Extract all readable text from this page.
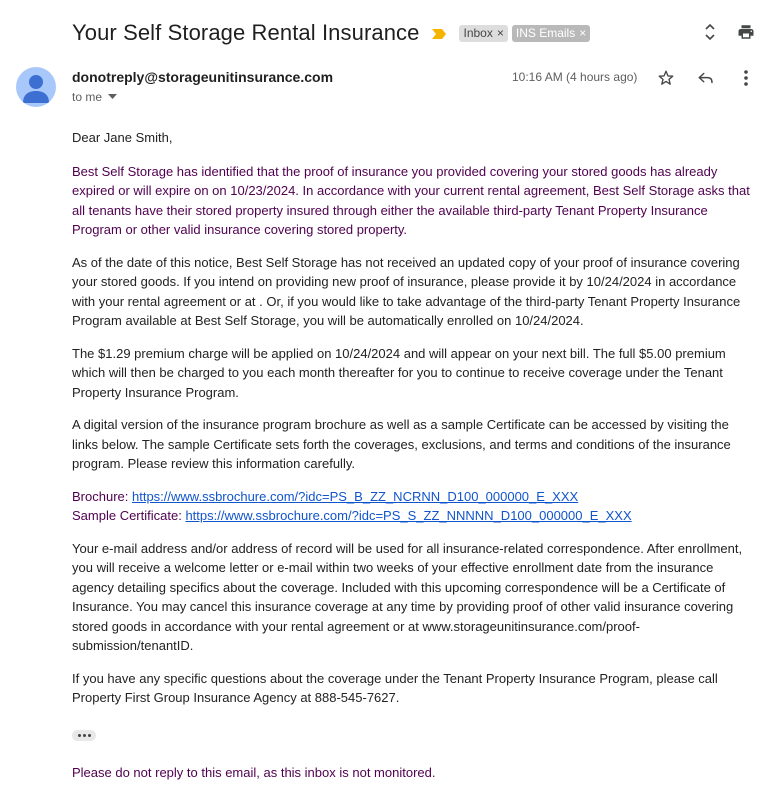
Your Self Storage Rental Insurance	Inbox × INS Emails ×
donotreply@storageunitinsurance.com
to me
10:16 AM (4 hours ago)

Dear Jane Smith,

Best Self Storage has identified that the proof of insurance you provided covering your stored goods has already expired or will expire on on 10/23/2024. In accordance with your current rental agreement, Best Self Storage asks that all tenants have their stored property insured through either the available third-party Tenant Property Insurance Program or other valid insurance covering stored property.

As of the date of this notice, Best Self Storage has not received an updated copy of your proof of insurance covering your stored goods. If you intend on providing new proof of insurance, please provide it by 10/24/2024 in accordance with your rental agreement or at . Or, if you would like to take advantage of the third-party Tenant Property Insurance Program available at Best Self Storage, you will be automatically enrolled on 10/24/2024.

The $1.29 premium charge will be applied on 10/24/2024 and will appear on your next bill. The full $5.00 premium which will then be charged to you each month thereafter for you to continue to receive coverage under the Tenant Property Insurance Program.

A digital version of the insurance program brochure as well as a sample Certificate can be accessed by visiting the links below. The sample Certificate sets forth the coverages, exclusions, and terms and conditions of the insurance program. Please review this information carefully.

Brochure: https://www.ssbrochure.com/?idc=PS_B_ZZ_NCRNN_D100_000000_E_XXX
Sample Certificate: https://www.ssbrochure.com/?idc=PS_S_ZZ_NNNNN_D100_000000_E_XXX

Your e-mail address and/or address of record will be used for all insurance-related correspondence. After enrollment, you will receive a welcome letter or e-mail within two weeks of your effective enrollment date from the insurance agency detailing specifics about the coverage. Included with this upcoming correspondence will be a Certificate of Insurance. You may cancel this insurance coverage at any time by providing proof of other valid insurance covering stored goods in accordance with your rental agreement or at www.storageunitinsurance.com/proof-submission/tenantID.

If you have any specific questions about the coverage under the Tenant Property Insurance Program, please call Property First Group Insurance Agency at 888-545-7627.

Please do not reply to this email, as this inbox is not monitored.
